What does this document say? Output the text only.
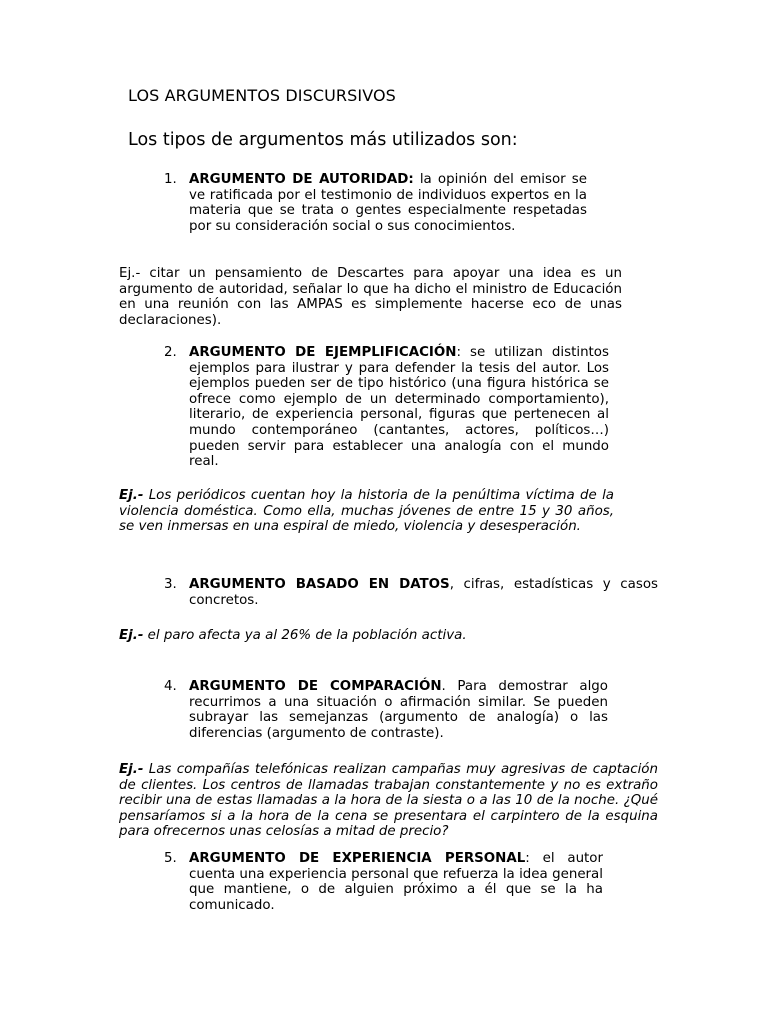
LOS ARGUMENTOS DISCURSIVOS
Los tipos de argumentos más utilizados son:
1. ARGUMENTO DE AUTORIDAD: la opinión del emisor se ve ratificada por el testimonio de individuos expertos en la materia que se trata o gentes especialmente respetadas por su consideración social o sus conocimientos.
Ej.- citar un pensamiento de Descartes para apoyar una idea es un argumento de autoridad, señalar lo que ha dicho el ministro de Educación en una reunión con las AMPAS es simplemente hacerse eco de unas declaraciones).
2. ARGUMENTO DE EJEMPLIFICACIÓN: se utilizan distintos ejemplos para ilustrar y para defender la tesis del autor. Los ejemplos pueden ser de tipo histórico (una figura histórica se ofrece como ejemplo de un determinado comportamiento), literario, de experiencia personal, figuras que pertenecen al mundo contemporáneo (cantantes, actores, políticos…) pueden servir para establecer una analogía con el mundo real.
Ej.- Los periódicos cuentan hoy la historia de la penúltima víctima de la violencia doméstica. Como ella, muchas jóvenes de entre 15 y 30 años, se ven inmersas en una espiral de miedo, violencia y desesperación.
3. ARGUMENTO BASADO EN DATOS, cifras, estadísticas y casos concretos.
Ej.- el paro afecta ya al 26% de la población activa.
4. ARGUMENTO DE COMPARACIÓN. Para demostrar algo recurrimos a una situación o afirmación similar. Se pueden subrayar las semejanzas (argumento de analogía) o las diferencias (argumento de contraste).
Ej.- Las compañías telefónicas realizan campañas muy agresivas de captación de clientes. Los centros de llamadas trabajan constantemente y no es extraño recibir una de estas llamadas a la hora de la siesta o a las 10 de la noche. ¿Qué pensaríamos si a la hora de la cena se presentara el carpintero de la esquina para ofrecernos unas celosías a mitad de precio?
5. ARGUMENTO DE EXPERIENCIA PERSONAL: el autor cuenta una experiencia personal que refuerza la idea general que mantiene, o de alguien próximo a él que se la ha comunicado.
